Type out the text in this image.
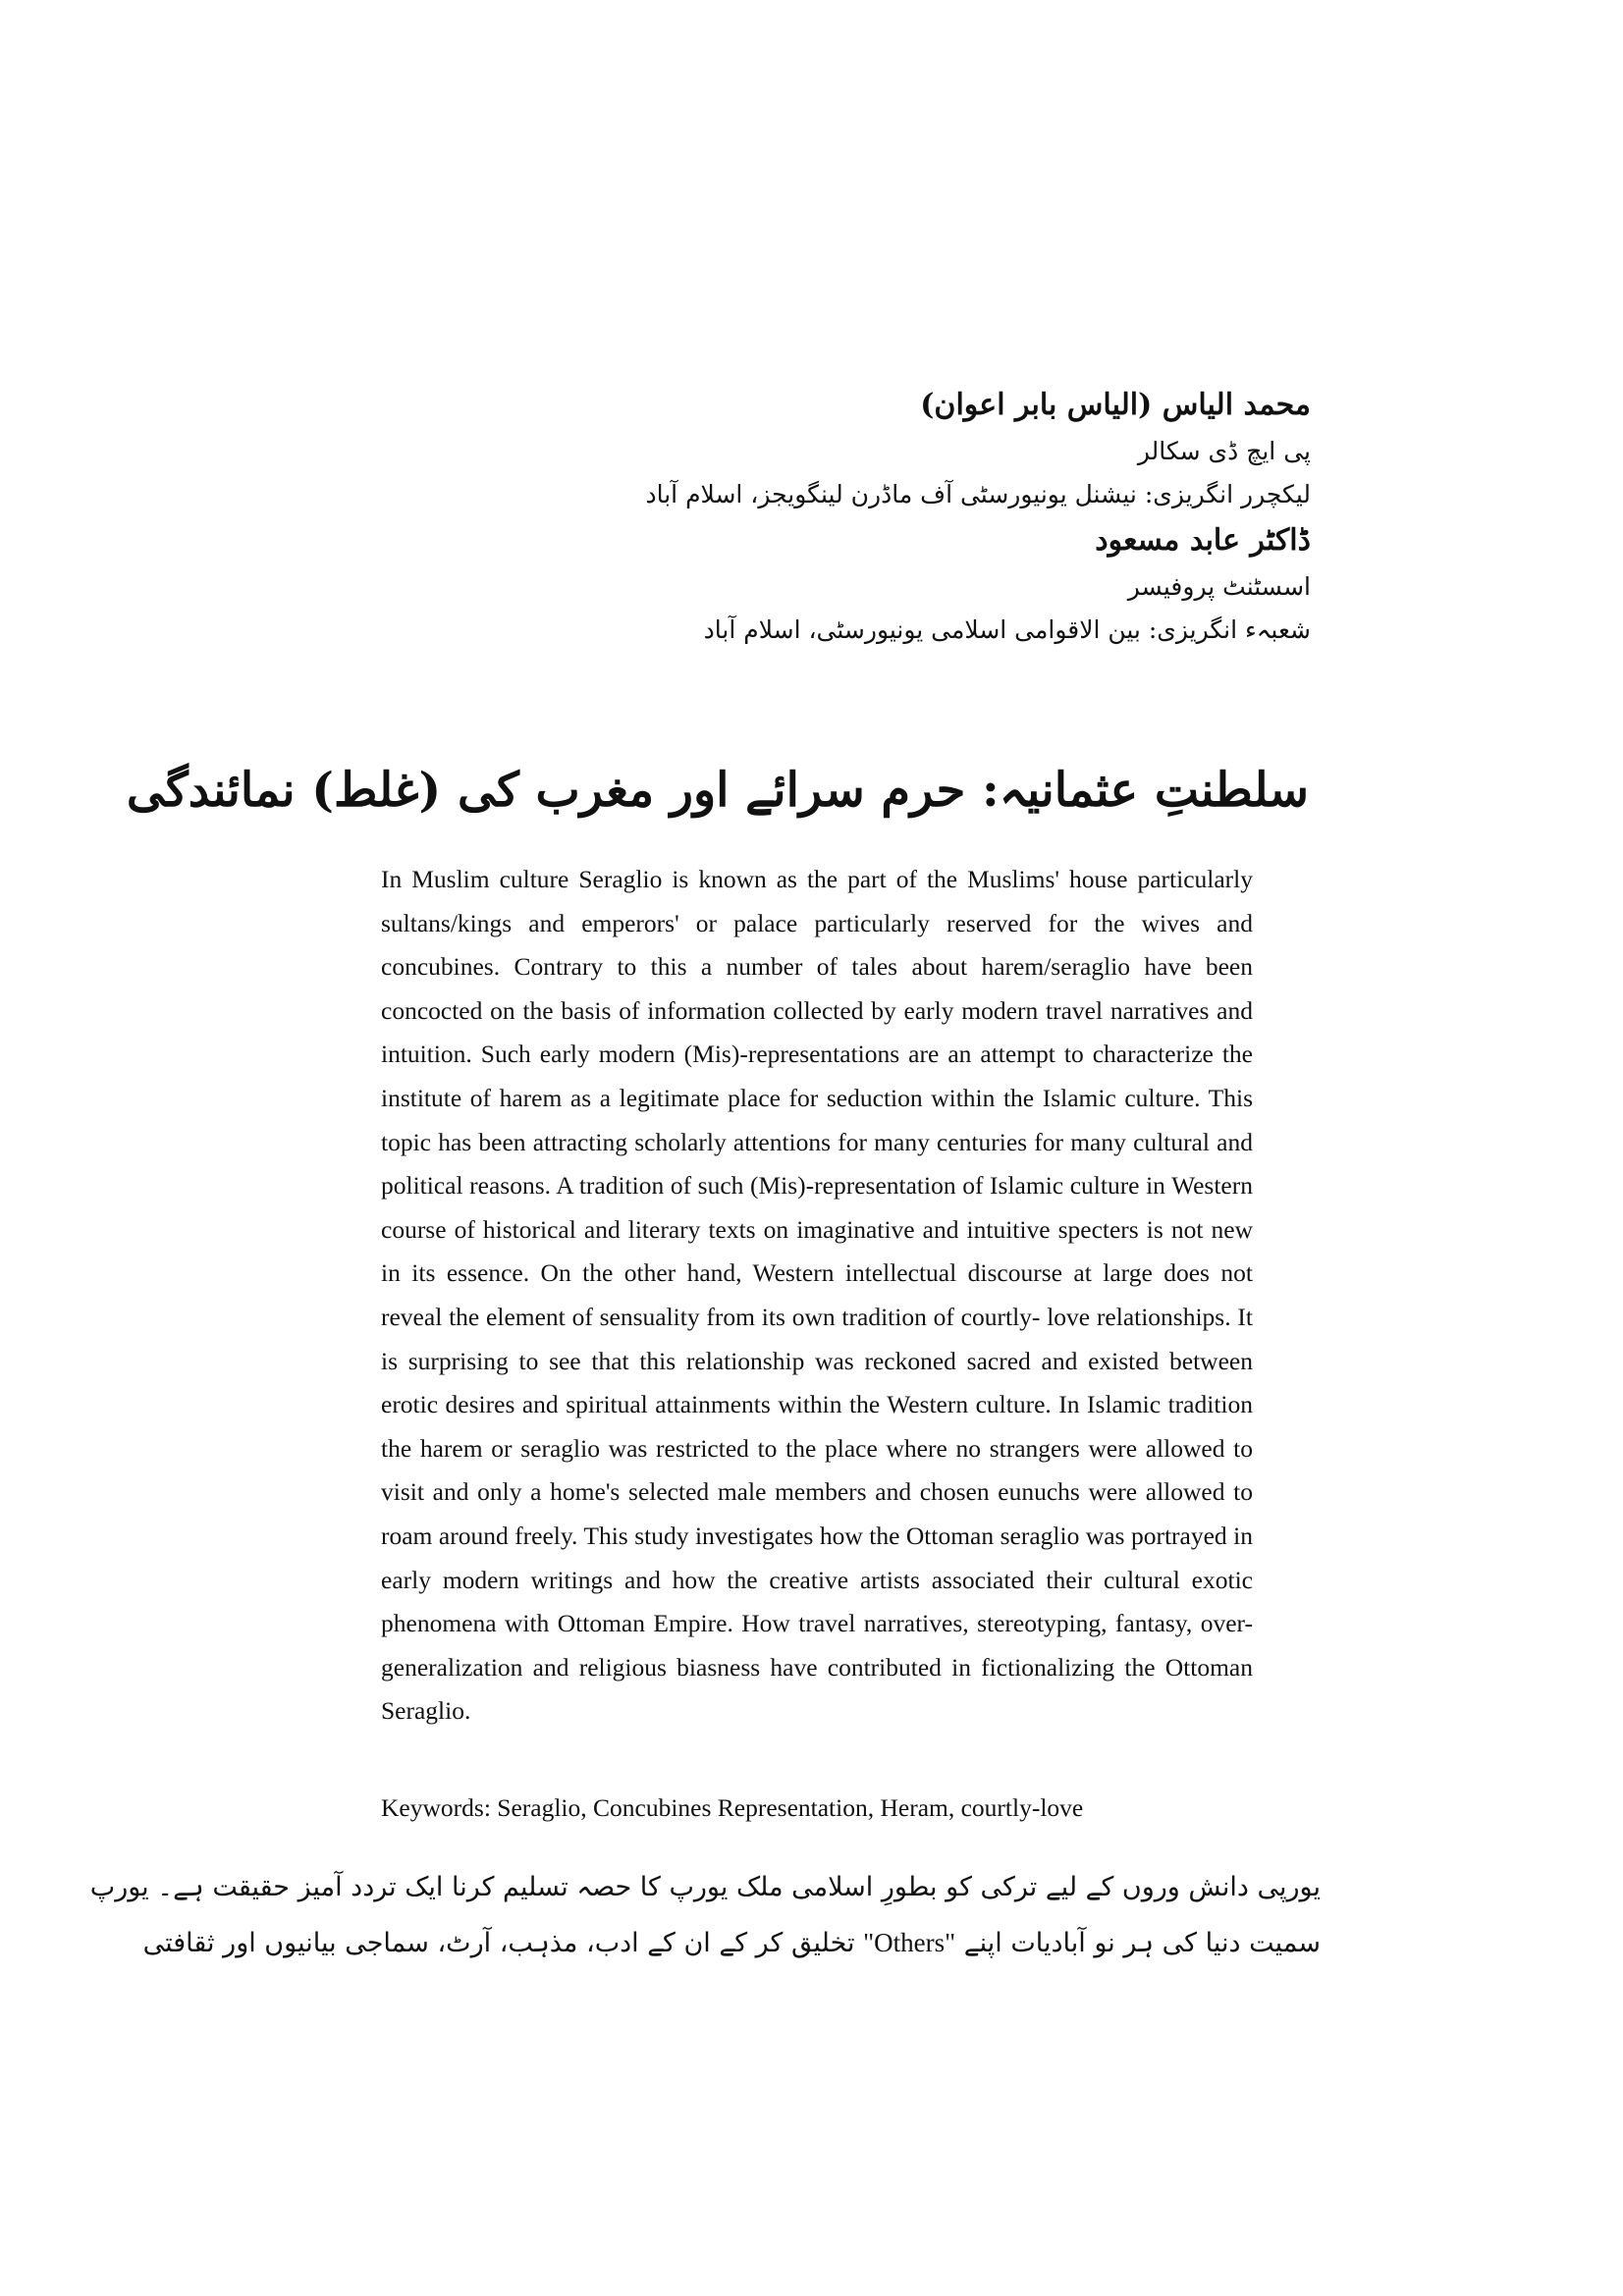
محمد الیاس (الیاس بابر اعوان)
پی ایچ ڈی سکالر
لیکچرر انگریزی: نیشنل یونیورسٹی آف ماڈرن لینگویجز، اسلام آباد
ڈاکٹر عابد مسعود
اسسٹنٹ پروفیسر
شعبہء انگریزی: بین الاقوامی اسلامی یونیورسٹی، اسلام آباد
سلطنتِ عثمانیہ: حرم سرائے اور مغرب کی (غلط) نمائندگی

In Muslim culture Seraglio is known as the part of the Muslims' house particularly sultans/kings and emperors' or palace particularly reserved for the wives and concubines. Contrary to this a number of tales about harem/seraglio have been concocted on the basis of information collected by early modern travel narratives and intuition. Such early modern (Mis)-representations are an attempt to characterize the institute of harem as a legitimate place for seduction within the Islamic culture. This topic has been attracting scholarly attentions for many centuries for many cultural and political reasons. A tradition of such (Mis)-representation of Islamic culture in Western course of historical and literary texts on imaginative and intuitive specters is not new in its essence. On the other hand, Western intellectual discourse at large does not reveal the element of sensuality from its own tradition of courtly- love relationships. It is surprising to see that this relationship was reckoned sacred and existed between erotic desires and spiritual attainments within the Western culture. In Islamic tradition the harem or seraglio was restricted to the place where no strangers were allowed to visit and only a home's selected male members and chosen eunuchs were allowed to roam around freely. This study investigates how the Ottoman seraglio was portrayed in early modern writings and how the creative artists associated their cultural exotic phenomena with Ottoman Empire. How travel narratives, stereotyping, fantasy, over-generalization and religious biasness have contributed in fictionalizing the Ottoman Seraglio.

Keywords: Seraglio, Concubines Representation, Heram, courtly-love

یورپی دانش وروں کے لیے ترکی کو بطورِ اسلامی ملک یورپ کا حصہ تسلیم کرنا ایک تردد آمیز حقیقت ہے۔ یورپ
سمیت دنیا کی ہر نو آبادیات اپنے "Others" تخلیق کر کے ان کے ادب، مذہب، آرٹ، سماجی بیانیوں اور ثقافتی
